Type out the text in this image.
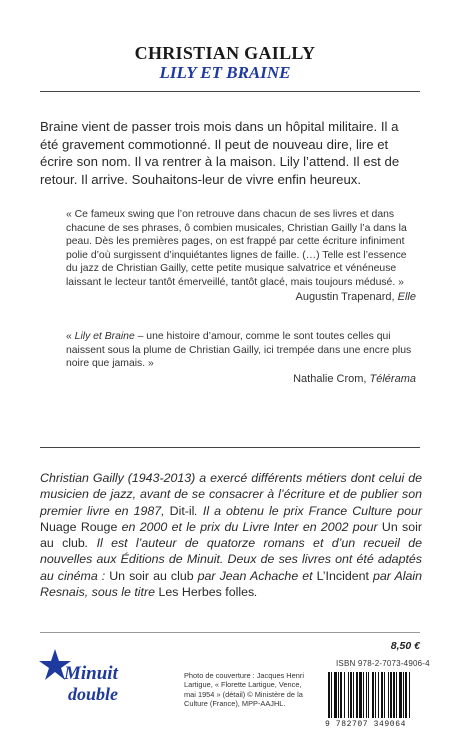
CHRISTIAN GAILLY
LILY ET BRAINE
Braine vient de passer trois mois dans un hôpital militaire. Il a été gravement commotionné. Il peut de nouveau dire, lire et écrire son nom. Il va rentrer à la maison. Lily l’attend. Il est de retour. Il arrive. Souhaitons-leur de vivre enfin heureux.
« Ce fameux swing que l’on retrouve dans chacun de ses livres et dans chacune de ses phrases, ô combien musicales, Christian Gailly l’a dans la peau. Dès les premières pages, on est frappé par cette écriture infiniment polie d’où surgissent d’inquiétantes lignes de faille. (…) Telle est l’essence du jazz de Christian Gailly, cette petite musique salvatrice et vénéneuse laissant le lecteur tantôt émerveillé, tantôt glacé, mais toujours médusé. »
Augustin Trapenard, Elle
« Lily et Braine – une histoire d’amour, comme le sont toutes celles qui naissent sous la plume de Christian Gailly, ici trempée dans une encre plus noire que jamais. »
Nathalie Crom, Télérama
Christian Gailly (1943-2013) a exercé différents métiers dont celui de musicien de jazz, avant de se consacrer à l’écriture et de publier son premier livre en 1987, Dit-il. Il a obtenu le prix France Culture pour Nuage Rouge en 2000 et le prix du Livre Inter en 2002 pour Un soir au club. Il est l’auteur de quatorze romans et d’un recueil de nouvelles aux Éditions de Minuit. Deux de ses livres ont été adaptés au cinéma : Un soir au club par Jean Achache et L’Incident par Alain Resnais, sous le titre Les Herbes folles.
8,50 €
Minuit
double
Photo de couverture : Jacques Henri Lartigue, « Florette Lartigue, Vence, mai 1954 » (détail) © Ministère de la Culture (France), MPP-AAJHL.
ISBN 978-2-7073-4906-4
9 782707 349064
